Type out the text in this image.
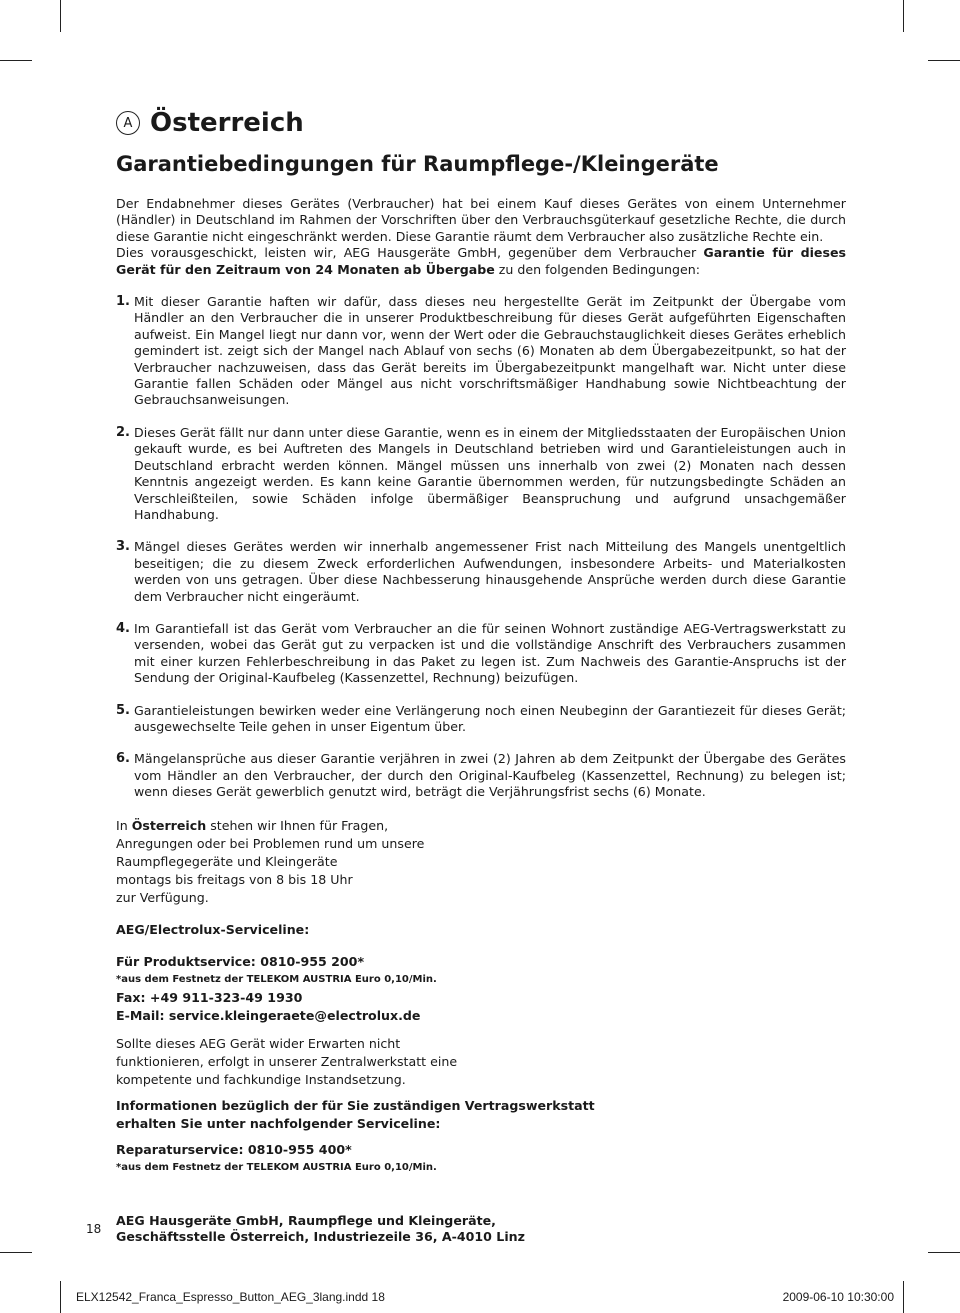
A Österreich
Garantiebedingungen für Raumpflege-/Kleingeräte

Der Endabnehmer dieses Gerätes (Verbraucher) hat bei einem Kauf dieses Gerätes von einem Unternehmer (Händler) in Deutschland im Rahmen der Vorschriften über den Verbrauchsgüterkauf gesetzliche Rechte, die durch diese Garantie nicht eingeschränkt werden. Diese Garantie räumt dem Verbraucher also zusätzliche Rechte ein.

Dies vorausgeschickt, leisten wir, AEG Hausgeräte GmbH, gegenüber dem Verbraucher Garantie für dieses Gerät für den Zeitraum von 24 Monaten ab Übergabe zu den folgenden Bedingungen:

1. Mit dieser Garantie haften wir dafür, dass dieses neu hergestellte Gerät im Zeitpunkt der Übergabe vom Händler an den Verbraucher die in unserer Produktbeschreibung für dieses Gerät aufgeführten Eigenschaften aufweist. Ein Mangel liegt nur dann vor, wenn der Wert oder die Gebrauchstauglichkeit dieses Gerätes erheblich gemindert ist. zeigt sich der Mangel nach Ablauf von sechs (6) Monaten ab dem Übergabezeitpunkt, so hat der Verbraucher nachzuweisen, dass das Gerät bereits im Übergabezeitpunkt mangelhaft war. Nicht unter diese Garantie fallen Schäden oder Mängel aus nicht vorschriftsmäßiger Handhabung sowie Nichtbeachtung der Gebrauchsanweisungen.
2. Dieses Gerät fällt nur dann unter diese Garantie, wenn es in einem der Mitgliedsstaaten der Europäischen Union gekauft wurde, es bei Auftreten des Mangels in Deutschland betrieben wird und Garantieleistungen auch in Deutschland erbracht werden können. Mängel müssen uns innerhalb von zwei (2) Monaten nach dessen Kenntnis angezeigt werden. Es kann keine Garantie übernommen werden, für nutzungsbedingte Schäden an Verschleißteilen, sowie Schäden infolge übermäßiger Beanspruchung und aufgrund unsachgemäßer Handhabung.
3. Mängel dieses Gerätes werden wir innerhalb angemessener Frist nach Mitteilung des Mangels unentgeltlich beseitigen; die zu diesem Zweck erforderlichen Aufwendungen, insbesondere Arbeits- und Materialkosten werden von uns getragen. Über diese Nachbesserung hinausgehende Ansprüche werden durch diese Garantie dem Verbraucher nicht eingeräumt.
4. Im Garantiefall ist das Gerät vom Verbraucher an die für seinen Wohnort zuständige AEG-Vertragswerkstatt zu versenden, wobei das Gerät gut zu verpacken ist und die vollständige Anschrift des Verbrauchers zusammen mit einer kurzen Fehlerbeschreibung in das Paket zu legen ist. Zum Nachweis des Garantie-Anspruchs ist der Sendung der Original-Kaufbeleg (Kassenzettel, Rechnung) beizufügen.
5. Garantieleistungen bewirken weder eine Verlängerung noch einen Neubeginn der Garantiezeit für dieses Gerät; ausgewechselte Teile gehen in unser Eigentum über.
6. Mängelansprüche aus dieser Garantie verjähren in zwei (2) Jahren ab dem Zeitpunkt der Übergabe des Gerätes vom Händler an den Verbraucher, der durch den Original-Kaufbeleg (Kassenzettel, Rechnung) zu belegen ist; wenn dieses Gerät gewerblich genutzt wird, beträgt die Verjährungsfrist sechs (6) Monate.
In Österreich stehen wir Ihnen für Fragen,
Anregungen oder bei Problemen rund um unsere
Raumpflegegeräte und Kleingeräte
montags bis freitags von 8 bis 18 Uhr
zur Verfügung.
AEG/Electrolux-Serviceline:
Für Produktservice: 0810-955 200*
*aus dem Festnetz der TELEKOM AUSTRIA Euro 0,10/Min.
Fax: +49 911-323-49 1930
E-Mail: service.kleingeraete@electrolux.de
Sollte dieses AEG Gerät wider Erwarten nicht
funktionieren, erfolgt in unserer Zentralwerkstatt eine
kompetente und fachkundige Instandsetzung.
Informationen bezüglich der für Sie zuständigen Vertragswerkstatt
erhalten Sie unter nachfolgender Serviceline:
Reparaturservice: 0810-955 400*
*aus dem Festnetz der TELEKOM AUSTRIA Euro 0,10/Min.
AEG Hausgeräte GmbH, Raumpflege und Kleingeräte,
Geschäftsstelle Österreich, Industriezeile 36, A-4010 Linz
18
ELX12542_Franca_Espresso_Button_AEG_3lang.indd 18	2009-06-10 10:30:00
